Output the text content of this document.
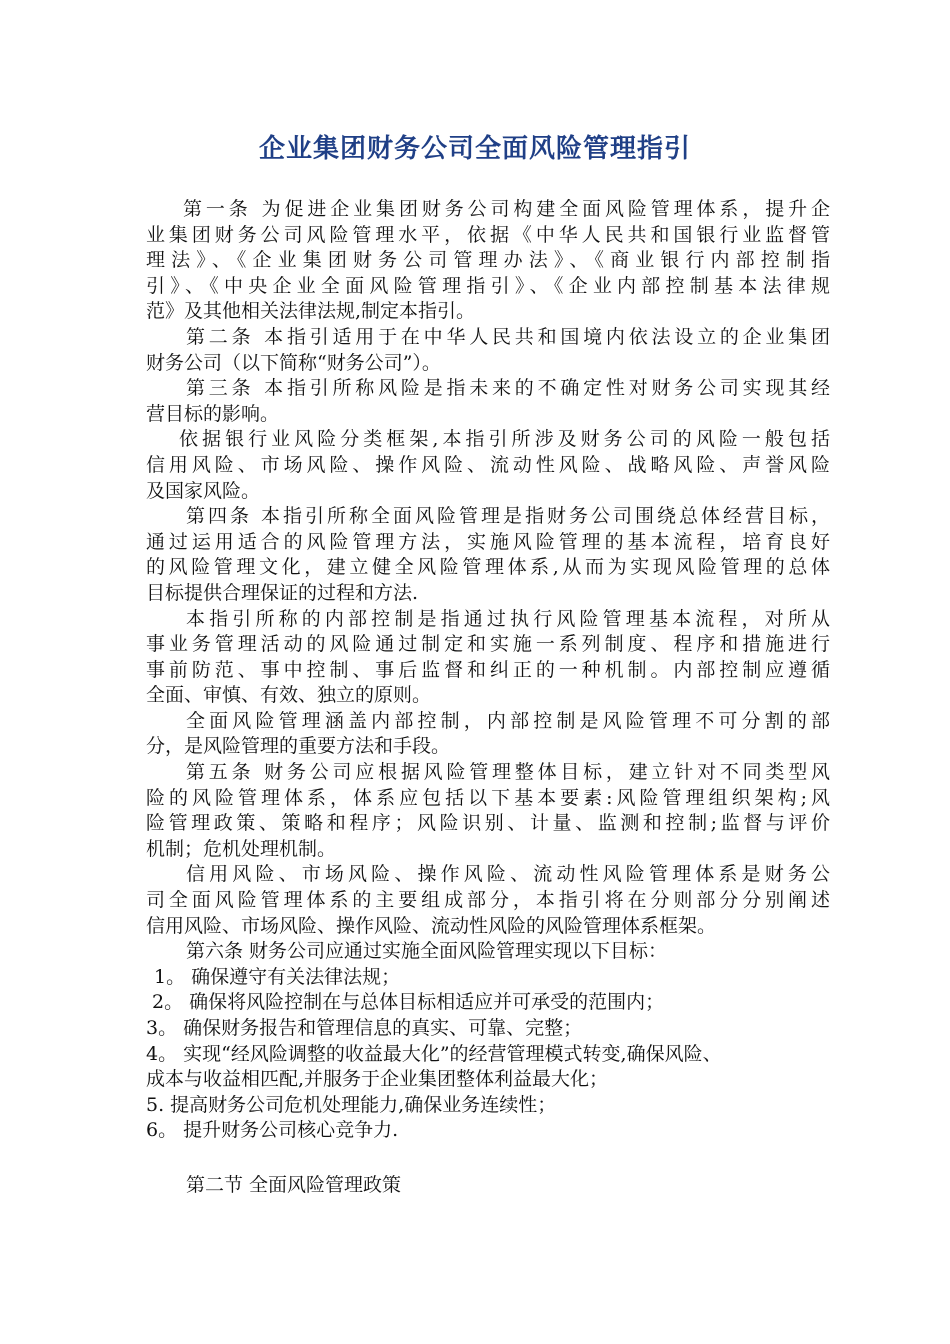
企业集团财务公司全面风险管理指引

第一条 为促进企业集团财务公司构建全面风险管理体系，提升企

业集团财务公司风险管理水平，依据《中华人民共和国银行业监督管

理法》、《企业集团财务公司管理办法》、《商业银行内部控制指

引》、《中央企业全面风险管理指引》、《企业内部控制基本法律规

范》及其他相关法律法规,制定本指引。

第二条 本指引适用于在中华人民共和国境内依法设立的企业集团

财务公司（以下简称“财务公司”）。

第三条 本指引所称风险是指未来的不确定性对财务公司实现其经

营目标的影响。

依据银行业风险分类框架,本指引所涉及财务公司的风险一般包括

信用风险、市场风险、操作风险、流动性风险、战略风险、声誉风险

及国家风险。

第四条 本指引所称全面风险管理是指财务公司围绕总体经营目标，

通过运用适合的风险管理方法，实施风险管理的基本流程，培育良好

的风险管理文化，建立健全风险管理体系,从而为实现风险管理的总体

目标提供合理保证的过程和方法.

本指引所称的内部控制是指通过执行风险管理基本流程，对所从

事业务管理活动的风险通过制定和实施一系列制度、程序和措施进行

事前防范、事中控制、事后监督和纠正的一种机制。内部控制应遵循

全面、审慎、有效、独立的原则。

全面风险管理涵盖内部控制，内部控制是风险管理不可分割的部

分，是风险管理的重要方法和手段。

第五条 财务公司应根据风险管理整体目标，建立针对不同类型风

险的风险管理体系，体系应包括以下基本要素:风险管理组织架构;风

险管理政策、策略和程序；风险识别、计量、监测和控制;监督与评价

机制；危机处理机制。

信用风险、市场风险、操作风险、流动性风险管理体系是财务公

司全面风险管理体系的主要组成部分，本指引将在分则部分分别阐述

信用风险、市场风险、操作风险、流动性风险的风险管理体系框架。

第六条 财务公司应通过实施全面风险管理实现以下目标：

1。 确保遵守有关法律法规；

2。 确保将风险控制在与总体目标相适应并可承受的范围内；

3。 确保财务报告和管理信息的真实、可靠、完整；

4。 实现“经风险调整的收益最大化”的经营管理模式转变,确保风险、

成本与收益相匹配,并服务于企业集团整体利益最大化；

5. 提高财务公司危机处理能力,确保业务连续性；

6。 提升财务公司核心竞争力.

第二节 全面风险管理政策
